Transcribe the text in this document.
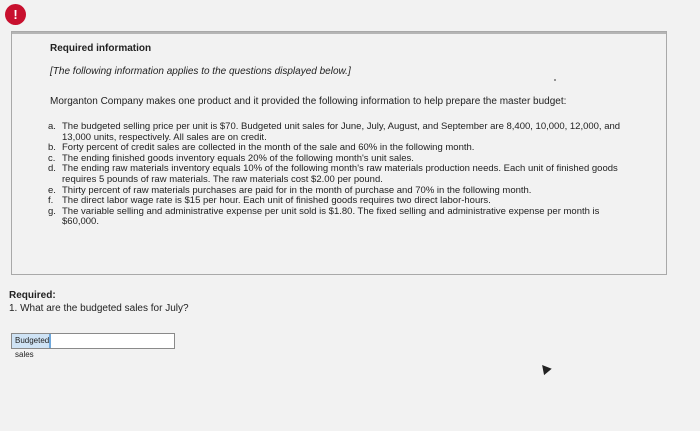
!
Required information
[The following information applies to the questions displayed below.]
Morganton Company makes one product and it provided the following information to help prepare the master budget:
a. The budgeted selling price per unit is $70. Budgeted unit sales for June, July, August, and September are 8,400, 10,000, 12,000, and 13,000 units, respectively. All sales are on credit.
b. Forty percent of credit sales are collected in the month of the sale and 60% in the following month.
c. The ending finished goods inventory equals 20% of the following month's unit sales.
d. The ending raw materials inventory equals 10% of the following month's raw materials production needs. Each unit of finished goods requires 5 pounds of raw materials. The raw materials cost $2.00 per pound.
e. Thirty percent of raw materials purchases are paid for in the month of purchase and 70% in the following month.
f. The direct labor wage rate is $15 per hour. Each unit of finished goods requires two direct labor-hours.
g. The variable selling and administrative expense per unit sold is $1.80. The fixed selling and administrative expense per month is $60,000.
Required:
1. What are the budgeted sales for July?
Budgeted sales
